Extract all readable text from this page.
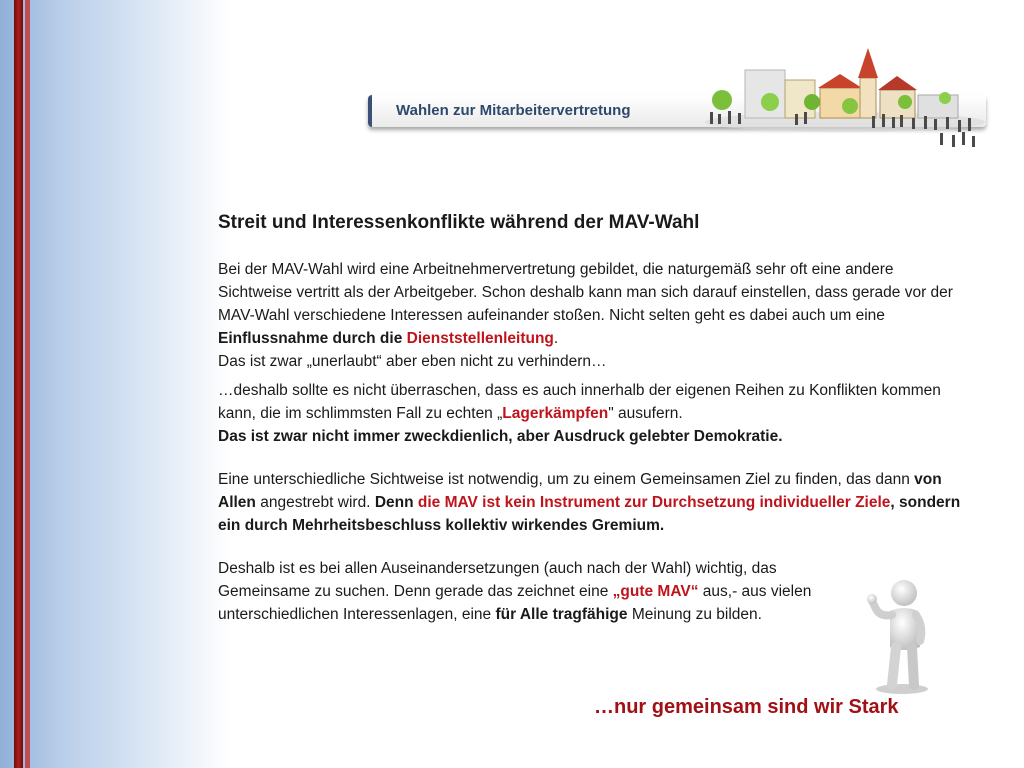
Wahlen zur Mitarbeitervertretung
Streit und Interessenkonflikte während der MAV-Wahl

Bei der MAV-Wahl wird eine Arbeitnehmervertretung gebildet, die naturgemäß sehr oft eine andere Sichtweise vertritt als der Arbeitgeber. Schon deshalb kann man sich darauf einstellen, dass gerade vor der MAV-Wahl verschiedene Interessen aufeinander stoßen. Nicht selten geht es dabei auch um eine Einflussnahme durch die Dienststellenleitung.
Das ist zwar „unerlaubt“ aber eben nicht zu verhindern…

…deshalb sollte es nicht überraschen, dass es auch innerhalb der eigenen Reihen zu Konflikten kommen kann, die im schlimmsten Fall zu echten „Lagerkämpfen" ausufern.
Das ist zwar nicht immer zweckdienlich, aber Ausdruck gelebter Demokratie.

Eine unterschiedliche Sichtweise ist notwendig, um zu einem Gemeinsamen Ziel zu finden, das dann von Allen angestrebt wird. Denn die MAV ist kein Instrument zur Durchsetzung individueller Ziele, sondern ein durch Mehrheitsbeschluss kollektiv wirkendes Gremium.

Deshalb ist es bei allen Auseinandersetzungen (auch nach der Wahl) wichtig, das Gemeinsame zu suchen. Denn gerade das zeichnet eine „gute MAV“ aus,- aus vielen unterschiedlichen Interessenlagen, eine für Alle tragfähige Meinung zu bilden.

…nur gemeinsam sind wir Stark
